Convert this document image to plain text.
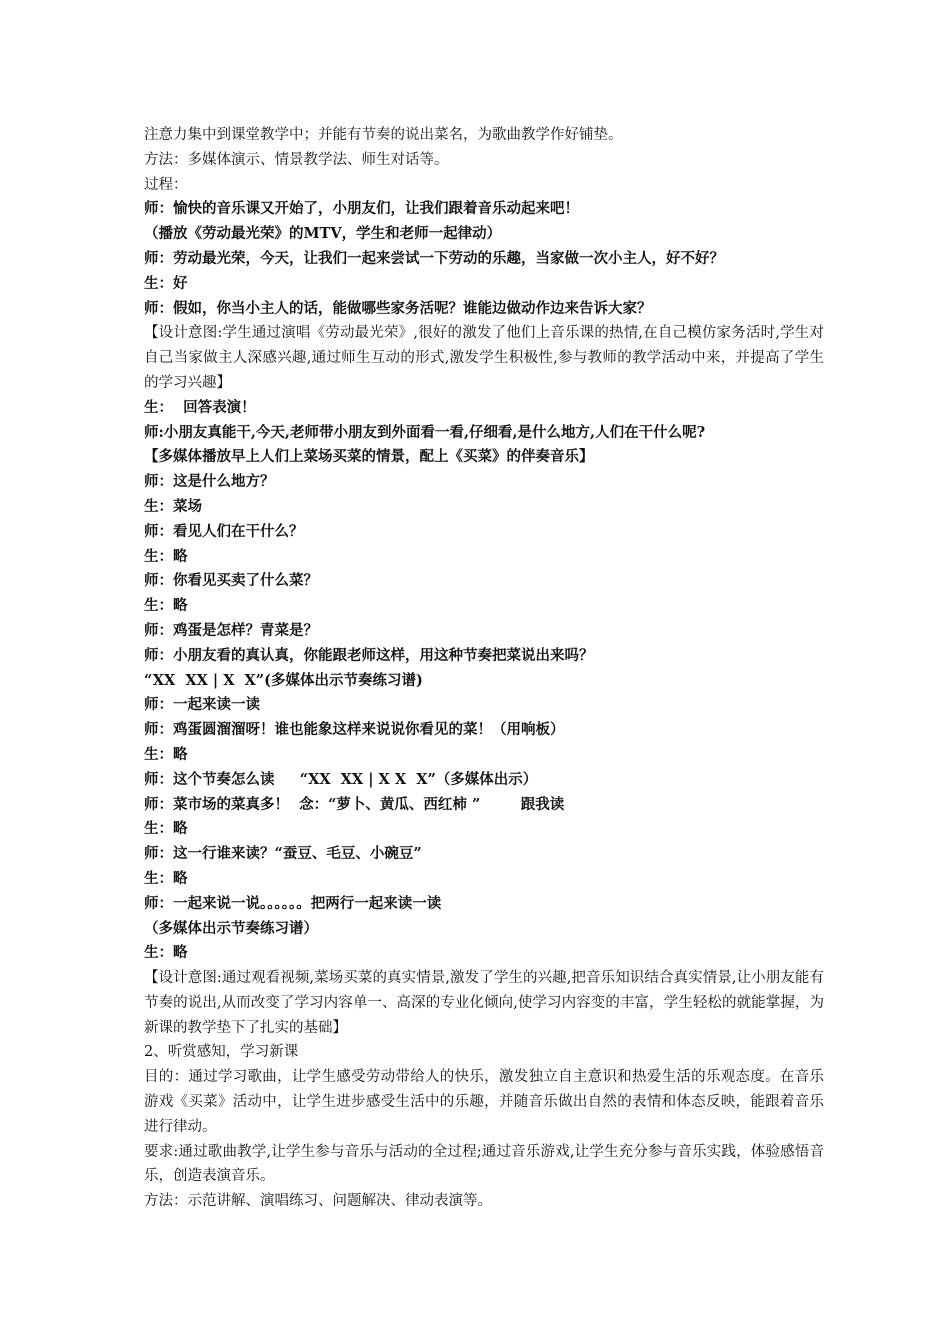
注意力集中到课堂教学中；并能有节奏的说出菜名，为歌曲教学作好铺垫。

方法：多媒体演示、情景教学法、师生对话等。

过程：

师：愉快的音乐课又开始了，小朋友们，让我们跟着音乐动起来吧！

（播放《劳动最光荣》的MTV，学生和老师一起律动）

师：劳动最光荣，今天，让我们一起来尝试一下劳动的乐趣，当家做一次小主人，好不好？

生：好

师：假如，你当小主人的话，能做哪些家务活呢？谁能边做动作边来告诉大家？

【设计意图:学生通过演唱《劳动最光荣》,很好的激发了他们上音乐课的热情,在自己模仿家务活时,学生对自己当家做主人深感兴趣,通过师生互动的形式,激发学生积极性,参与教师的教学活动中来，并提高了学生的学习兴趣】

生：  回答表演！

师:小朋友真能干,今天,老师带小朋友到外面看一看,仔细看,是什么地方,人们在干什么呢?

【多媒体播放早上人们上菜场买菜的情景，配上《买菜》的伴奏音乐】

师：这是什么地方？

生：菜场

师：看见人们在干什么？

生：略

师：你看见买卖了什么菜？

生：略

师：鸡蛋是怎样？青菜是？

师：小朋友看的真认真，你能跟老师这样，用这种节奏把菜说出来吗？

“XX  XX | X  X”(多媒体出示节奏练习谱)

师：一起来读一读

师：鸡蛋圆溜溜呀！谁也能象这样来说说你看见的菜！（用响板）

生：略

师：这个节奏怎么读     “XX  XX | X X  X”（多媒体出示）

师：菜市场的菜真多！  念：“萝卜、黄瓜、西红柿 ”        跟我读

生：略

师：这一行谁来读？“蚕豆、毛豆、小碗豆”

生：略

师：一起来说一说。。。。。。把两行一起来读一读

（多媒体出示节奏练习谱）

生：略

【设计意图:通过观看视频,菜场买菜的真实情景,激发了学生的兴趣,把音乐知识结合真实情景,让小朋友能有节奏的说出,从而改变了学习内容单一、高深的专业化倾向,使学习内容变的丰富，学生轻松的就能掌握，为新课的教学垫下了扎实的基础】

2、听赏感知，学习新课

目的：通过学习歌曲，让学生感受劳动带给人的快乐，激发独立自主意识和热爱生活的乐观态度。在音乐游戏《买菜》活动中，让学生进步感受生活中的乐趣，并随音乐做出自然的表情和体态反映，能跟着音乐进行律动。

要求:通过歌曲教学,让学生参与音乐与活动的全过程;通过音乐游戏,让学生充分参与音乐实践，体验感悟音乐，创造表演音乐。

方法：示范讲解、演唱练习、问题解决、律动表演等。
